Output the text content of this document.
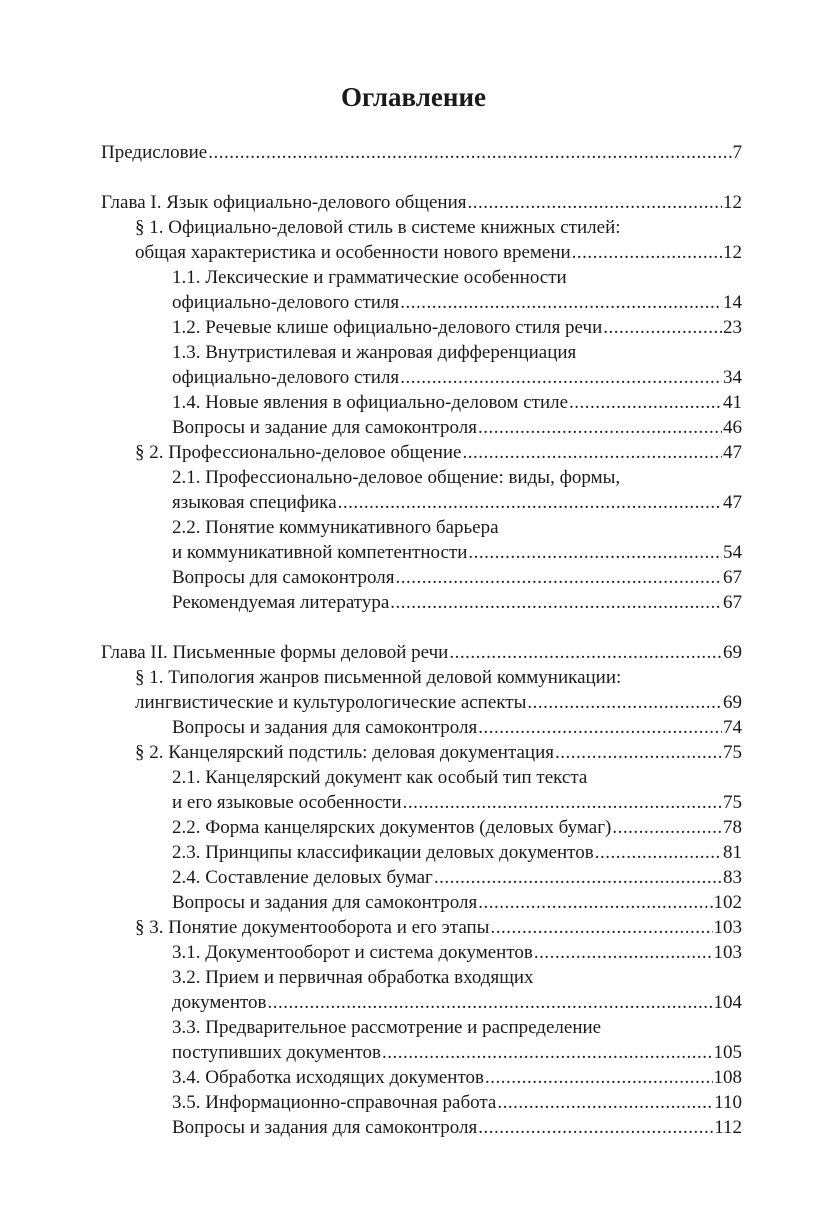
Оглавление
Предисловие .....	7
Глава I. Язык официально-делового общения .....	12
§ 1. Официально-деловой стиль в системе книжных стилей:
общая характеристика и особенности нового времени .....	12
1.1. Лексические и грамматические особенности
официально-делового стиля .....	14
1.2. Речевые клише официально-делового стиля речи .....	23
1.3. Внутристилевая и жанровая дифференциация
официально-делового стиля .....	34
1.4. Новые явления в официально-деловом стиле .....	41
Вопросы и задание для самоконтроля .....	46
§ 2. Профессионально-деловое общение .....	47
2.1. Профессионально-деловое общение: виды, формы,
языковая специфика .....	47
2.2. Понятие коммуникативного барьера
и коммуникативной компетентности .....	54
Вопросы для самоконтроля .....	67
Рекомендуемая литература .....	67
Глава II. Письменные формы деловой речи .....	69
§ 1. Типология жанров письменной деловой коммуникации:
лингвистические и культурологические аспекты .....	69
Вопросы и задания для самоконтроля .....	74
§ 2. Канцелярский подстиль: деловая документация .....	75
2.1. Канцелярский документ как особый тип текста
и его языковые особенности .....	75
2.2. Форма канцелярских документов (деловых бумаг) .....	78
2.3. Принципы классификации деловых документов .....	81
2.4. Составление деловых бумаг .....	83
Вопросы и задания для самоконтроля .....	102
§ 3. Понятие документооборота и его этапы .....	103
3.1. Документооборот и система документов .....	103
3.2. Прием и первичная обработка входящих
документов .....	104
3.3. Предварительное рассмотрение и распределение
поступивших документов .....	105
3.4. Обработка исходящих документов .....	108
3.5. Информационно-справочная работа .....	110
Вопросы и задания для самоконтроля .....	112
